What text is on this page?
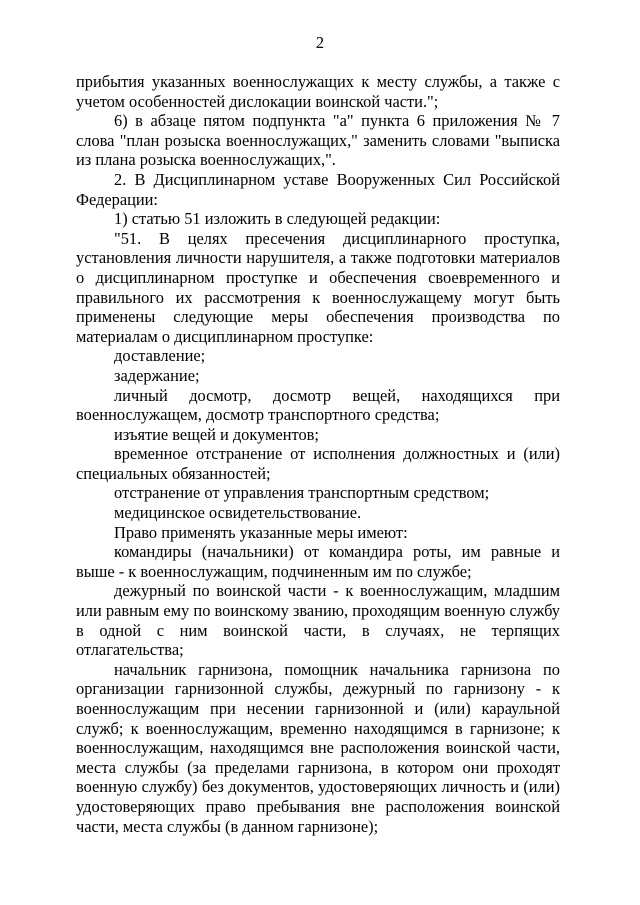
2

прибытия указанных военнослужащих к месту службы, а также с учетом особенностей дислокации воинской части.";

6) в абзаце пятом подпункта "а" пункта 6 приложения № 7 слова "план розыска военнослужащих," заменить словами "выписка из плана розыска военнослужащих,".

2. В Дисциплинарном уставе Вооруженных Сил Российской Федерации:

1) статью 51 изложить в следующей редакции:

"51. В целях пресечения дисциплинарного проступка, установления личности нарушителя, а также подготовки материалов о дисциплинарном проступке и обеспечения своевременного и правильного их рассмотрения к военнослужащему могут быть применены следующие меры обеспечения производства по материалам о дисциплинарном проступке:

доставление;

задержание;

личный досмотр, досмотр вещей, находящихся при военнослужащем, досмотр транспортного средства;

изъятие вещей и документов;

временное отстранение от исполнения должностных и (или) специальных обязанностей;

отстранение от управления транспортным средством;

медицинское освидетельствование.

Право применять указанные меры имеют:

командиры (начальники) от командира роты, им равные и выше - к военнослужащим, подчиненным им по службе;

дежурный по воинской части - к военнослужащим, младшим или равным ему по воинскому званию, проходящим военную службу в одной с ним воинской части, в случаях, не терпящих отлагательства;

начальник гарнизона, помощник начальника гарнизона по организации гарнизонной службы, дежурный по гарнизону - к военнослужащим при несении гарнизонной и (или) караульной служб; к военнослужащим, временно находящимся в гарнизоне; к военнослужащим, находящимся вне расположения воинской части, места службы (за пределами гарнизона, в котором они проходят военную службу) без документов, удостоверяющих личность и (или) удостоверяющих право пребывания вне расположения воинской части, места службы (в данном гарнизоне);
